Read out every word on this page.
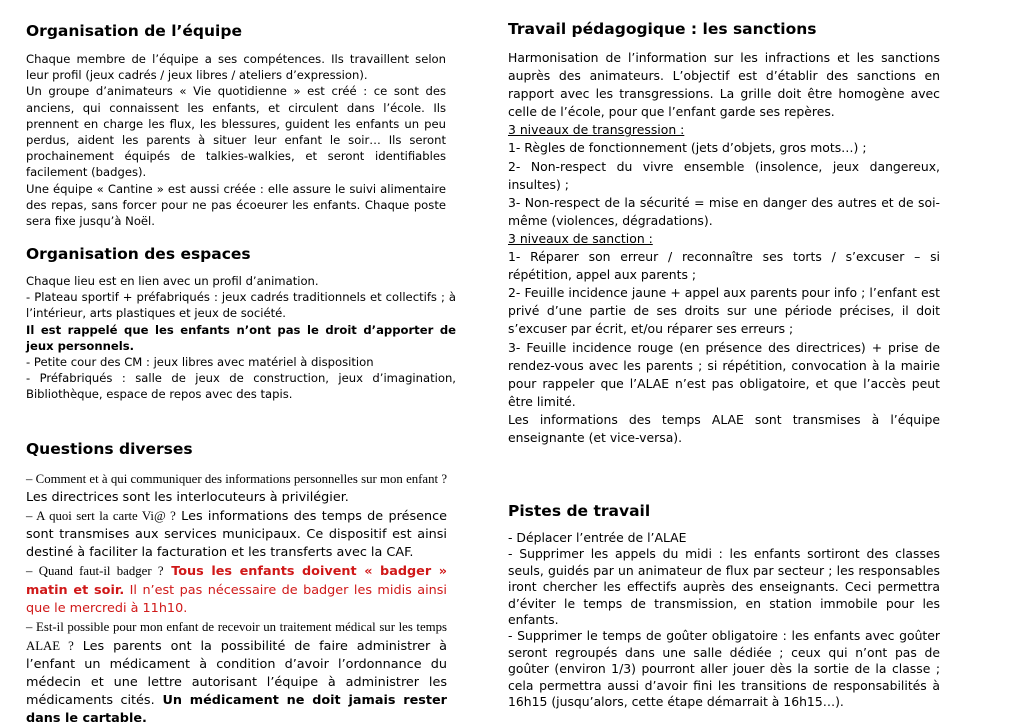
Organisation de l’équipe

Chaque membre de l’équipe a ses compétences. Ils travaillent selon leur profil (jeux cadrés / jeux libres / ateliers d’expression).

Un groupe d’animateurs « Vie quotidienne » est créé : ce sont des anciens, qui connaissent les enfants, et circulent dans l’école. Ils prennent en charge les flux, les blessures, guident les enfants un peu perdus, aident les parents à situer leur enfant le soir… Ils seront prochainement équipés de talkies-walkies, et seront identifiables facilement (badges).

Une équipe « Cantine » est aussi créée : elle assure le suivi alimentaire des repas, sans forcer pour ne pas écoeurer les enfants. Chaque poste sera fixe jusqu’à Noël.

Organisation des espaces

Chaque lieu est en lien avec un profil d’animation.

- Plateau sportif + préfabriqués : jeux cadrés traditionnels et collectifs ; à l’intérieur, arts plastiques et jeux de société.

Il est rappelé que les enfants n’ont pas le droit d’apporter de jeux personnels.

- Petite cour des CM : jeux libres avec matériel à disposition

- Préfabriqués : salle de jeux de construction, jeux d’imagination, Bibliothèque, espace de repos avec des tapis.

Questions diverses

– Comment et à qui communiquer des informations personnelles sur mon enfant ? Les directrices sont les interlocuteurs à privilégier.

– A quoi sert la carte Vi@ ? Les informations des temps de présence sont transmises aux services municipaux. Ce dispositif est ainsi destiné à faciliter la facturation et les transferts avec la CAF.

– Quand faut-il badger ? Tous les enfants doivent « badger » matin et soir. Il n’est pas nécessaire de badger les midis ainsi que le mercredi à 11h10.

– Est-il possible pour mon enfant de recevoir un traitement médical sur les temps ALAE ? Les parents ont la possibilité de faire administrer à l’enfant un médicament à condition d’avoir l’ordonnance du médecin et une lettre autorisant l’équipe à administrer les médicaments cités. Un médicament ne doit jamais rester dans le cartable.

Travail pédagogique : les sanctions

Harmonisation de l’information sur les infractions et les sanctions auprès des animateurs. L’objectif est d’établir des sanctions en rapport avec les transgressions. La grille doit être homogène avec celle de l’école, pour que l’enfant garde ses repères.

3 niveaux de transgression :

1- Règles de fonctionnement (jets d’objets, gros mots…) ;

2- Non-respect du vivre ensemble (insolence, jeux dangereux, insultes) ;

3- Non-respect de la sécurité = mise en danger des autres et de soi-même (violences, dégradations).

3 niveaux de sanction :

1- Réparer son erreur / reconnaître ses torts / s’excuser – si répétition, appel aux parents ;

2- Feuille incidence jaune + appel aux parents pour info ; l’enfant est privé d’une partie de ses droits sur une période précises, il doit s’excuser par écrit, et/ou réparer ses erreurs ;

3- Feuille incidence rouge (en présence des directrices) + prise de rendez-vous avec les parents ; si répétition, convocation à la mairie pour rappeler que l’ALAE n’est pas obligatoire, et que l’accès peut être limité.

Les informations des temps ALAE sont transmises à l’équipe enseignante (et vice-versa).

Pistes de travail

- Déplacer l’entrée de l’ALAE

- Supprimer les appels du midi : les enfants sortiront des classes seuls, guidés par un animateur de flux par secteur ; les responsables iront chercher les effectifs auprès des enseignants. Ceci permettra d’éviter le temps de transmission, en station immobile pour les enfants.

- Supprimer le temps de goûter obligatoire : les enfants avec goûter seront regroupés dans une salle dédiée ; ceux qui n’ont pas de goûter (environ 1/3) pourront aller jouer dès la sortie de la classe ; cela permettra aussi d’avoir fini les transitions de responsabilités à 16h15 (jusqu’alors, cette étape démarrait à 16h15…).
